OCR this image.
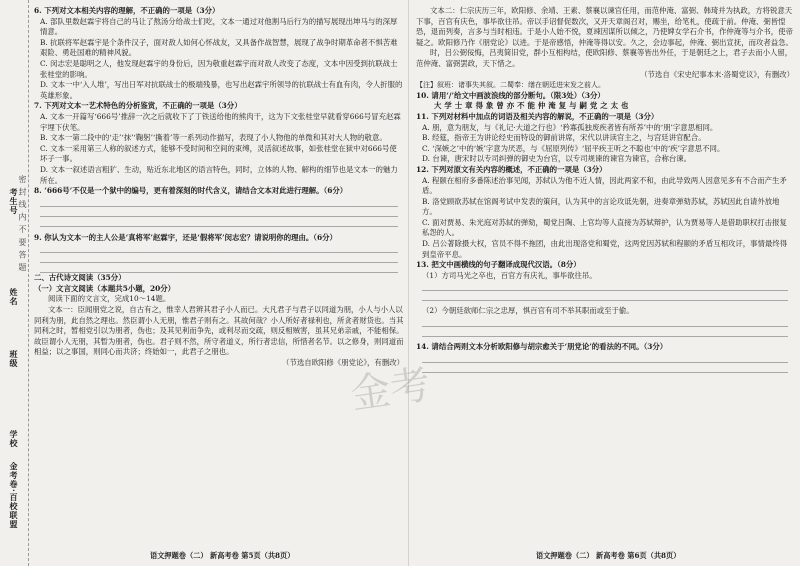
考生号
姓名
班级
学校
金考卷·百校联盟
密 封 线 内 不 要 答 题

6. 下列对文本相关内容的理解，不正确的一项是（3分）

A. 部队里数赵霖宇将自己的马让了熬汤分给战士们吃，文本一通过对他割马后行为的描写展现出坤马与的深厚情意。

B. 抗联将军赵霖宇是个条件汉子，面对敌人如何心怀战友，又具备作战智慧，展现了战争时期革命者不惧苦难艰险、勇赴国难的精神风貌。

C. 闵志宏是聪明之人，他发现赵霖宇的身份后，因为敬重赵霖宇而对敌人改变了态度，文本中因受到抗联战士张桂堂的影响。

D. 文本一中‘入人堆’，写出日军对抗联战士的极端残暴，也写出赵霖宇所领导的抗联战士有血有肉，令人折服的英雄形象。

7. 下列对文本一艺术特色的分析鉴赏，不正确的一项是（3分）

A. 文本一开篇写‘666号’推辞一次之后就收下了丁铁送给他的熊肉干，这为下文张桂堂早就看穿666号冒充赵霖宇埋下伏笔。

B. 文本一第二段中的‘走’‘抹’‘鞠躬’‘撕着’等一系列动作描写，表现了小人物他的单微和其对大人物的敬意。

C. 文本一采用第三人称的叙述方式，能够不受时间和空间的束缚，灵活叙述故事，如张桂堂在狱中对666号使坏子一事。

D. 文本一叙述语言粗犷、生动，贴近东北地区的语言特色，同时，立体的人物、解构的细节也是文本一的魅力所在。

8. ‘666号’不仅是一个狱中的编号，更有着深刻的时代含义，请结合文本对此进行理解。（6分）

9. 你认为文本一的主人公是‘真将军’赵霖宇，还是‘假将军’闵志宏？请说明你的理由。（6分）

二、古代诗文阅读（35分）

（一）文言文阅读（本题共5小题，20分）

阅读下面的文言文，完成10～14题。

文本一：臣闻朋党之说，自古有之，惟幸人君辨其君子小人而已。大凡君子与君子以同道为朋，小人与小人以同利为朋，此自然之理也。然臣谓小人无朋，惟君子则有之。其故何哉？小人所好者禄利也，所贪者财货也。当其同利之时，暂相党引以为朋者，伪也；及其见利而争先，或利尽而交疏，则反相贼害，虽其兄弟亲戚，不能相保。故臣谓小人无朋，其暂为朋者，伪也。君子则不然，所守者道义，所行者忠信，所惜者名节。以之修身，则同道而相益；以之事国，则同心而共济；终始如一，此君子之朋也。

（节选自欧阳修《朋党论》，有删改）

语文押题卷（二） 新高考卷 第5页（共8页）

文本二：仁宗庆历三年，欧阳修、余靖、王素、蔡襄以谏官任用，而范仲淹、富弼、韩琦并为执政，方将锐意天下事，百官有庆色，事毕欲往吊。帝以手诏督促数次，又开天章阁召对，赐坐，给笔札，使疏于前。仲淹、弼皆惶恐，退而列奏，言多与当时相违。于是小人始不悦，夏竦因谋所以倾之，乃使婢女学石介书，作仲淹等与介书，使帝疑之。欧阳修乃作《朋党论》以进。于是帝感悟，仲淹等得以安。久之，会边事起，仲淹、弼出宣抚，而攻者益急。

时，吕公弼佞悔，吕夷简旧党，群小互相构结，使欧阳修、蔡襄等皆出外任，于是朝廷之上，君子去而小人留，范仲淹、富弼罢政，天下惜之。

（节选自《宋史纪事本末·洛蜀党议》，有删改）

【注】叙班：诸事失其叙。二蜀奉：缮在朝廷进宋发之前人。

10. 请用‘/’给文中画波浪线的部分断句。（限3处）（3分）

大学士章得象曾亦不能仲淹复与嗣党之太也

11. 下列对材料中加点的词语及相关内容的解说，不正确的一项是（3分）

A. 朋，意为朋友，与《礼记·大道之行也》‘矜寡孤独废疾者皆有所养’中的‘朋’字意思相同。

B. 经筵，指帝王为讲论经史而特设的御前讲席，宋代以讲读官主之，与宫廷讲官配合。

C. ‘深嫉之’中的‘嫉’字意为厌恶，与《屈原列传》‘屈平疾王听之不聪也’中的‘疾’字意思不同。

D. 台谏，唐宋时以专司纠弹的御史为台官，以专司规谏的谏官为谏官，合称台谏。

12. 下列对原文有关内容的概述，不正确的一项是（3分）

A. 程颐在相府多番陈述治事见闻，苏轼认为他不近人情，因此两家不和，由此导致两人因意见多有不合而产生矛盾。

B. 洛党顾欲苏轼在馆阁考试中发表的策问，认为其中的言论攻诋先朝，进奏章弹劾苏轼，苏轼因此自请外放地方。

C. 面对贾易、朱光庭对苏轼的弹劾，蜀党吕陶、上官均等人直接为苏轼辩护，认为贾易等人是借助职权打击报复私怨的人。

D. 吕公著除摄大权，官员不得不拖团，由此出现洛党和蜀党，这两党因苏轼和程颐的矛盾互相攻讦，事情最终得到皇帝平息。

13. 把文中画横线的句子翻译成现代汉语。（8分）

（1）方司马光之卒也，百官方有庆礼，事毕欲往吊。

（2）今朝廷欲师仁宗之忠厚，惧百官有司不举其职而或至于偷。

14. 请结合两则文本分析欧阳修与胡宗愈关于‘朋党论’的看法的不同。（3分）

语文押题卷（二） 新高考卷 第6页（共8页）
金考
